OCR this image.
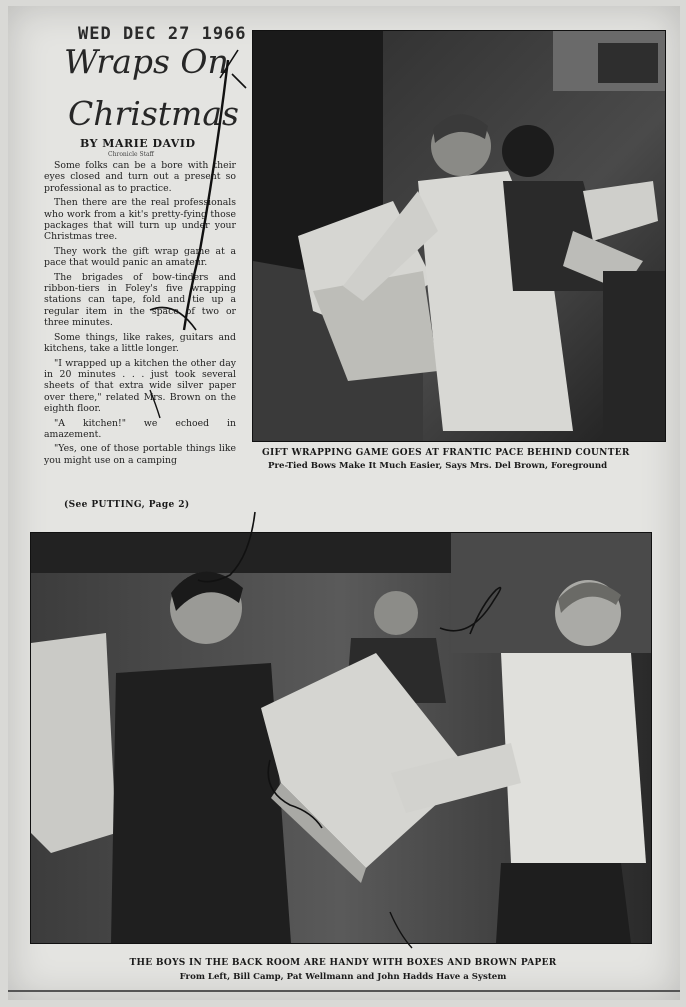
WED DEC 27 1966
Wraps On
Christmas
BY MARIE DAVID
Chronicle Staff

Some folks can be a bore with their eyes closed and turn out a present so professional as to practice.

Then there are the real professionals who work from a kit's pretty-fying those packages that will turn up under your Christmas tree.

They work the gift wrap game at a pace that would panic an amateur.

The brigades of bow-tinders and ribbon-tiers in Foley's five wrapping stations can tape, fold and tie up a regular item in the space of two or three minutes.

Some things, like rakes, guitars and kitchens, take a little longer.

"I wrapped up a kitchen the other day in 20 minutes . . . just took several sheets of that extra wide silver paper over there," related Mrs. Brown on the eighth floor.

"A kitchen!" we echoed in amazement.

"Yes, one of those portable things like you might use on a camping

(See PUTTING, Page 2)
GIFT WRAPPING GAME GOES AT FRANTIC PACE BEHIND COUNTER
Pre-Tied Bows Make It Much Easier, Says Mrs. Del Brown, Foreground
THE BOYS IN THE BACK ROOM ARE HANDY WITH BOXES AND BROWN PAPER
From Left, Bill Camp, Pat Wellmann and John Hadds Have a System
